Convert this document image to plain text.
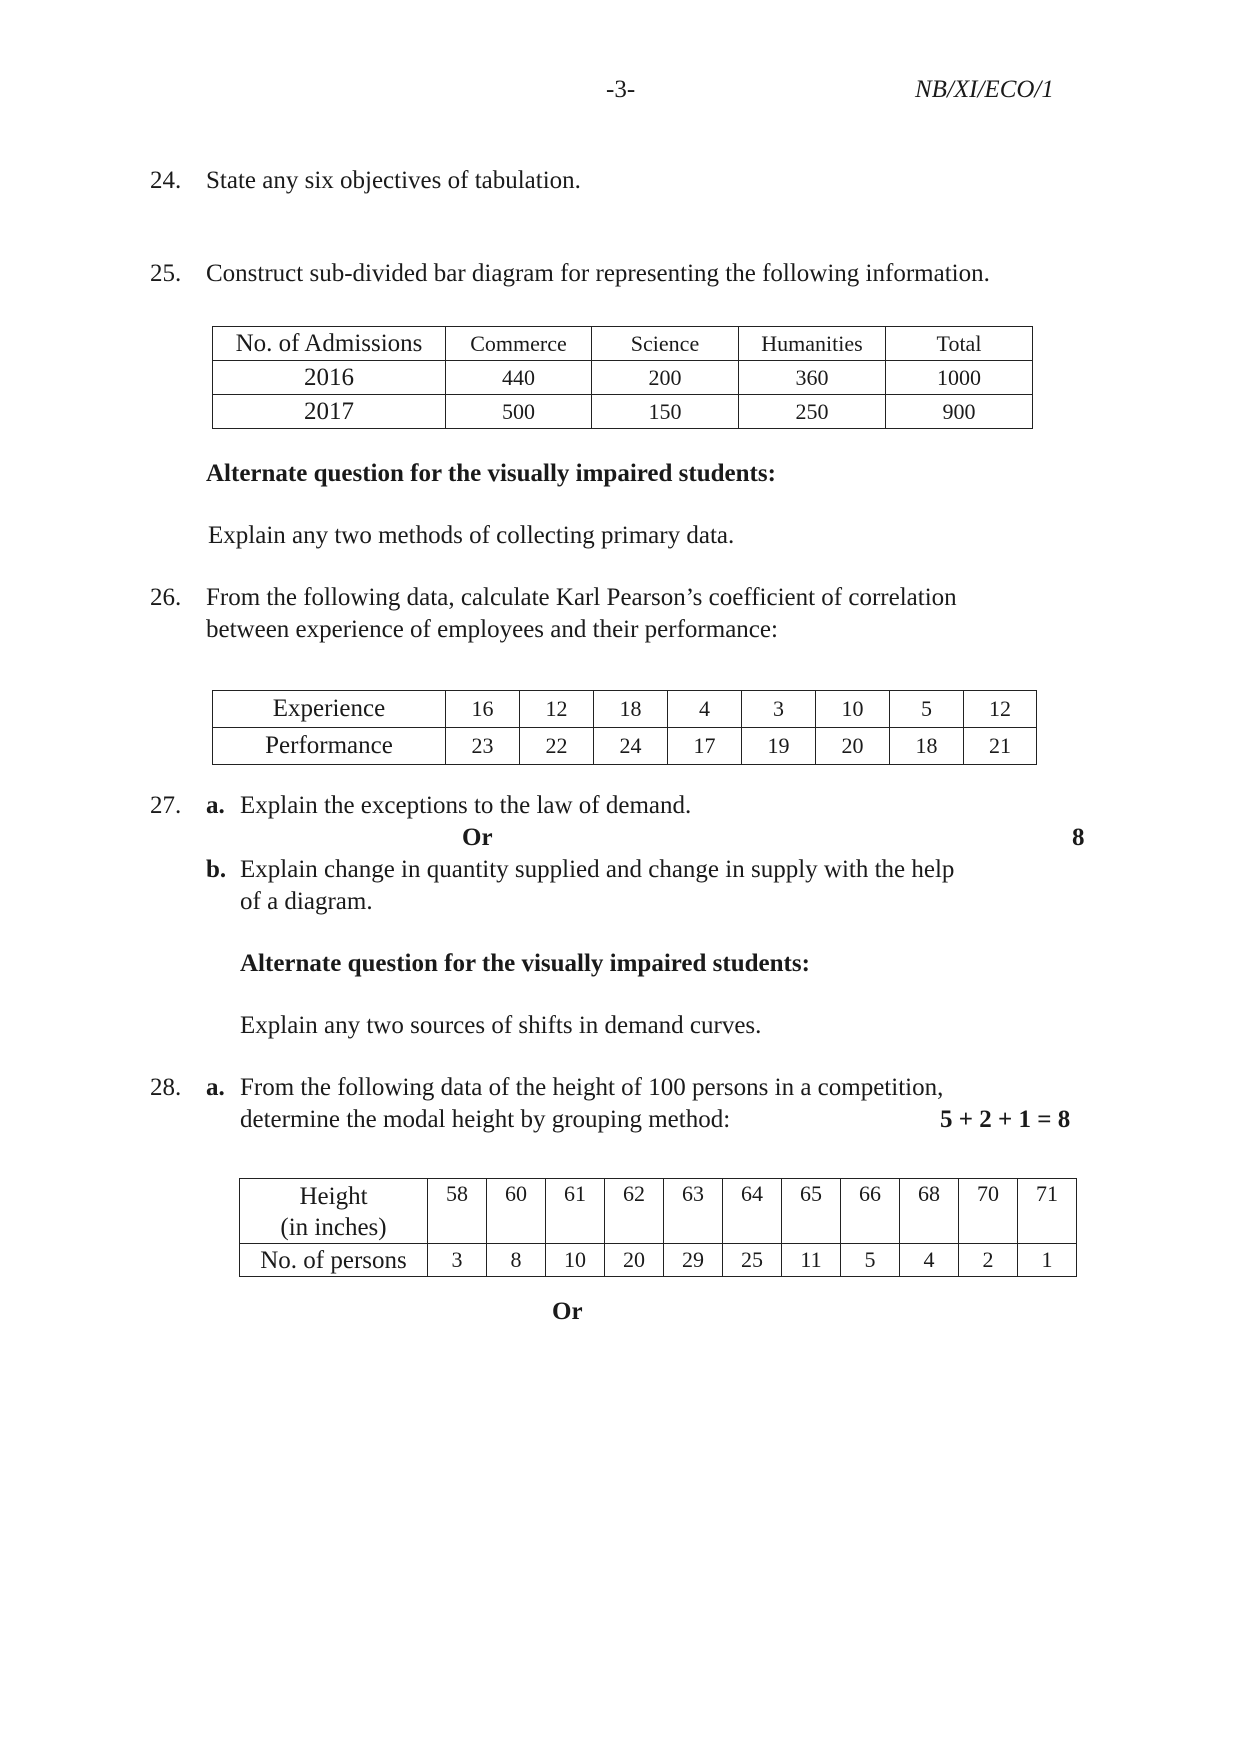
-3-	NB/XI/ECO/1
24. State any six objectives of tabulation.
25. Construct sub-divided bar diagram for representing the following information.
No. of Admissions	Commerce	Science	Humanities	Total
2016	440	200	360	1000
2017	500	150	250	900
Alternate question for the visually impaired students:
Explain any two methods of collecting primary data.
26. From the following data, calculate Karl Pearson’s coefficient of correlation
between experience of employees and their performance:
Experience	16	12	18	4	3	10	5	12
Performance	23	22	24	17	19	20	18	21
27. a. Explain the exceptions to the law of demand.
Or	8
b. Explain change in quantity supplied and change in supply with the help
of a diagram.
Alternate question for the visually impaired students:
Explain any two sources of shifts in demand curves.
28. a. From the following data of the height of 100 persons in a competition,
determine the modal height by grouping method:	5 + 2 + 1 = 8
Height
(in inches)	58	60	61	62	63	64	65	66	68	70	71
No. of persons	3	8	10	20	29	25	11	5	4	2	1
Or
